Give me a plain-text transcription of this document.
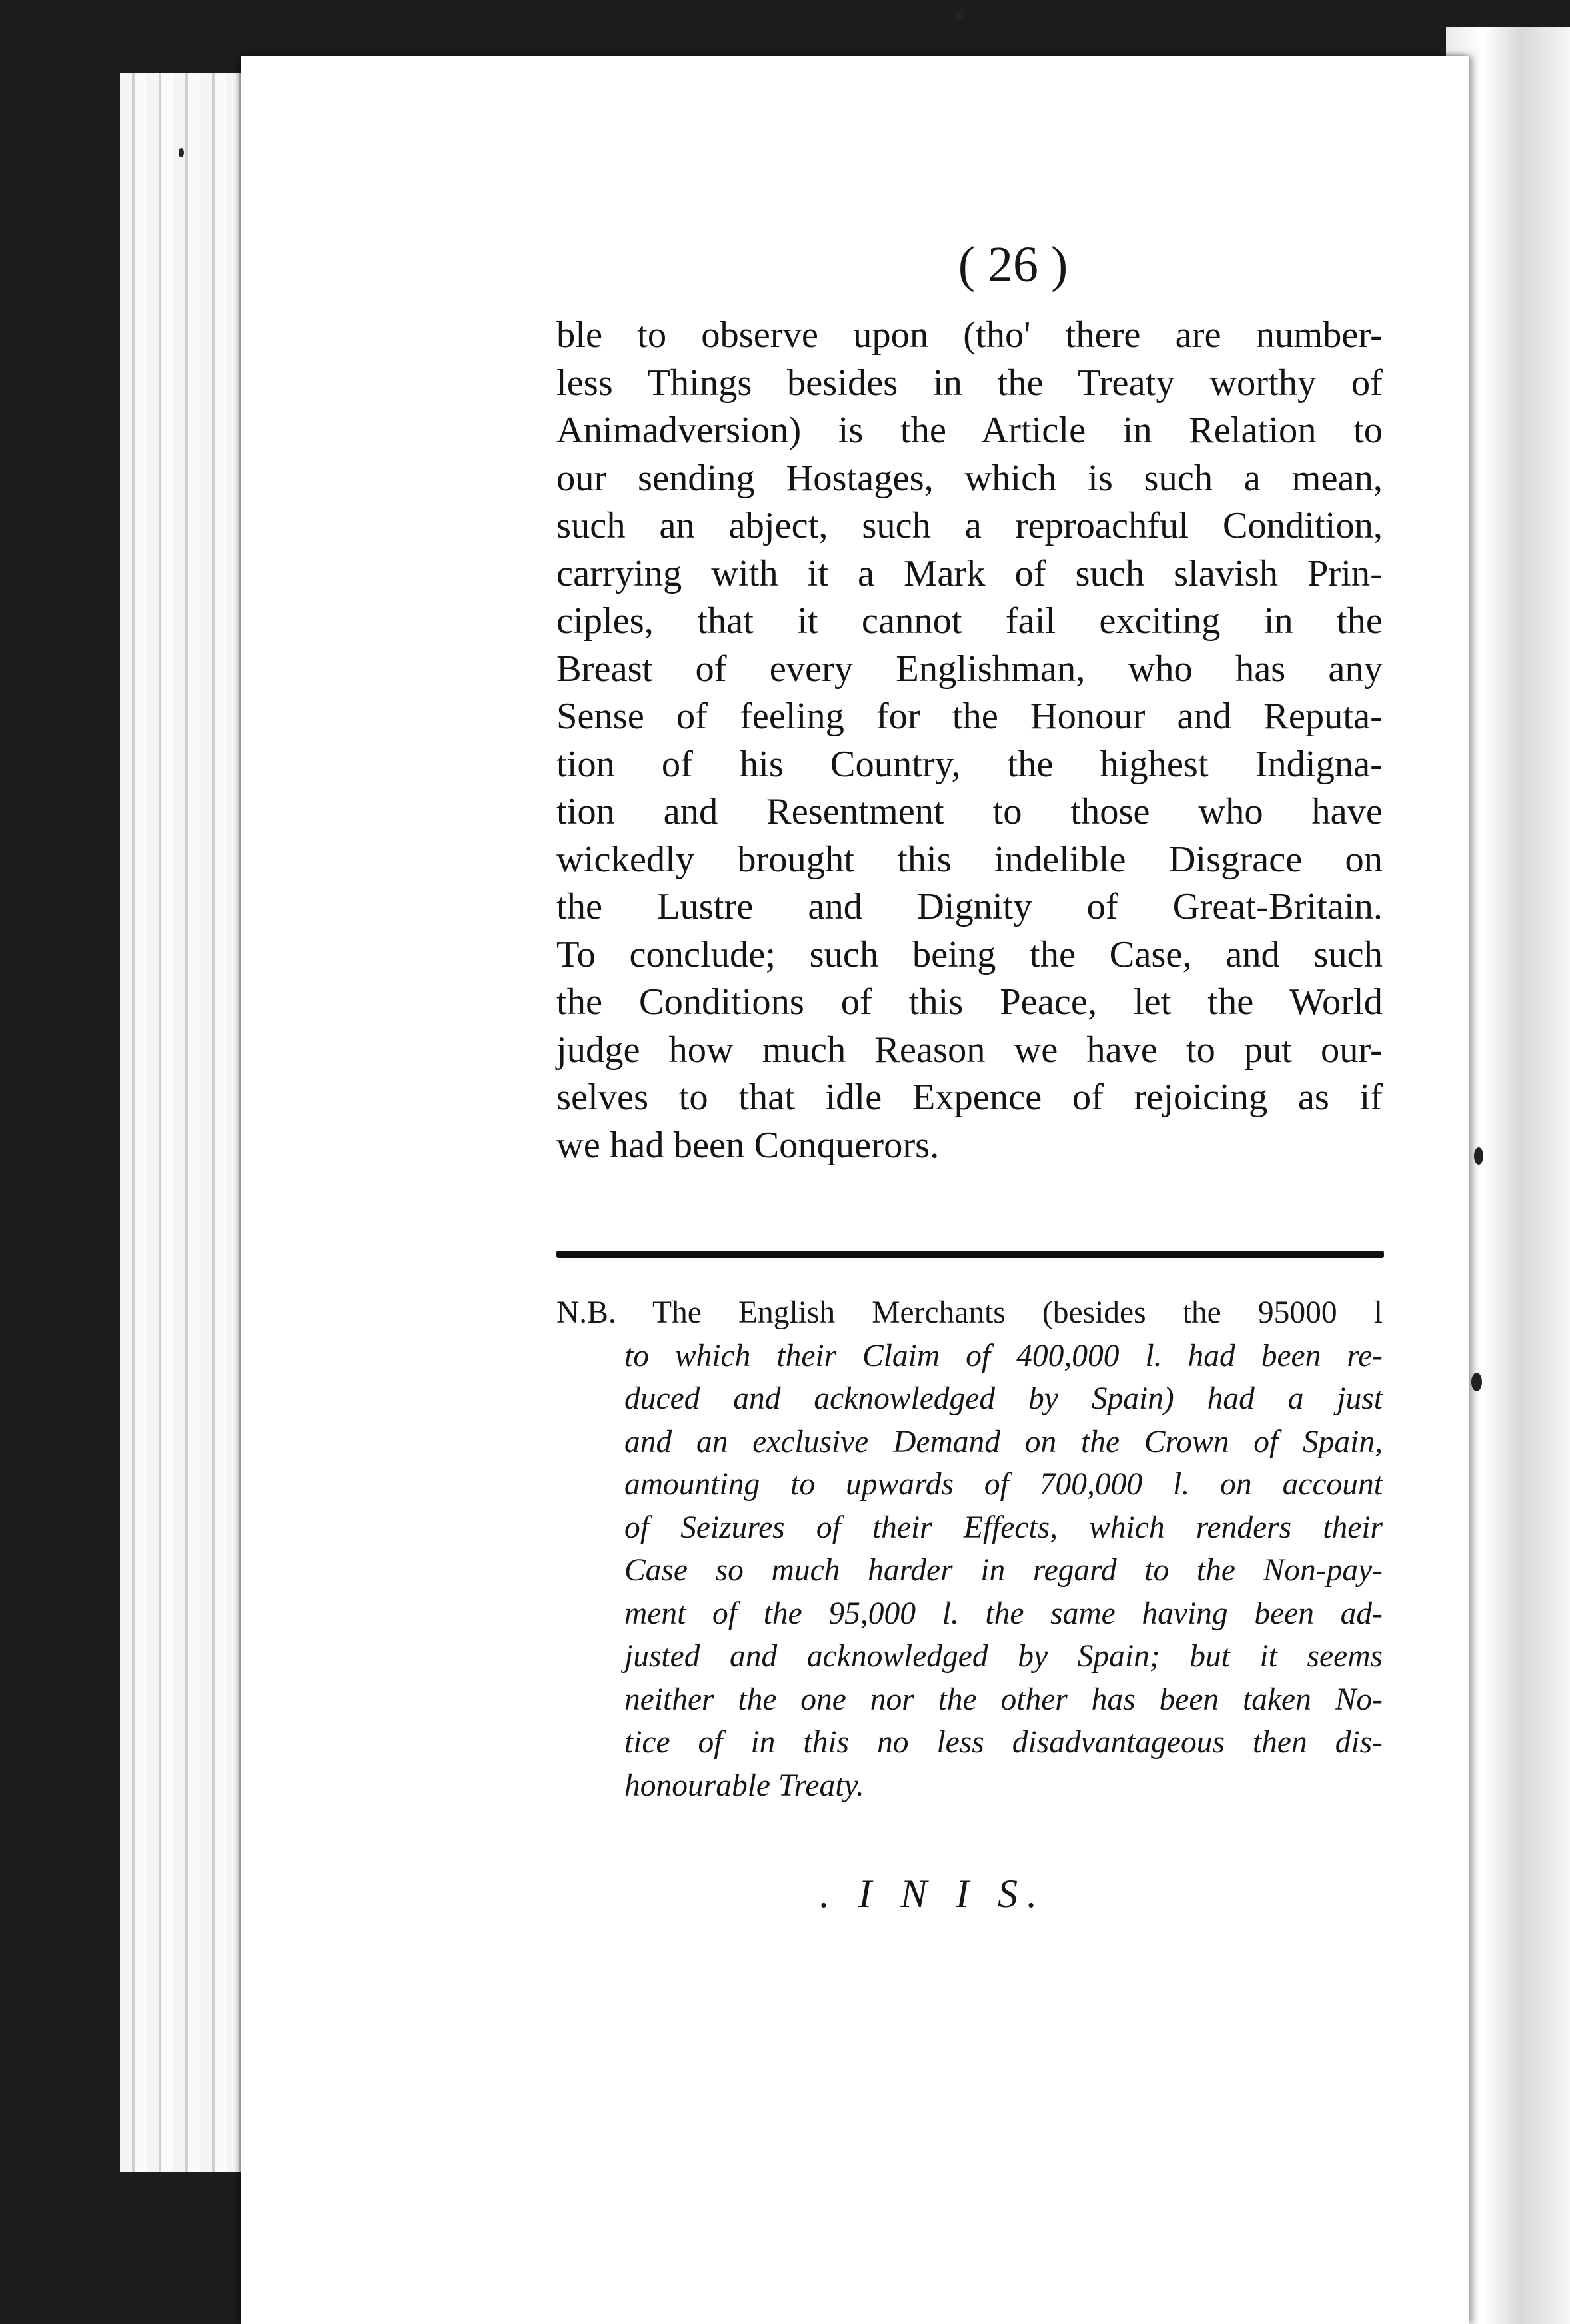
( 26 )
ble to observe upon (tho' there are number-
less Things besides in the Treaty worthy of
Animadversion) is the Article in Relation to
our sending Hostages, which is such a mean,
such an abject, such a reproachful Condition,
carrying with it a Mark of such slavish Prin-
ciples, that it cannot fail exciting in the
Breast of every Englishman, who has any
Sense of feeling for the Honour and Reputa-
tion of his Country, the highest Indigna-
tion and Resentment to those who have
wickedly brought this indelible Disgrace on
the Lustre and Dignity of Great-Britain.
To conclude; such being the Case, and such
the Conditions of this Peace, let the World
judge how much Reason we have to put our-
selves to that idle Expence of rejoicing as if
we had been Conquerors.
N.B. The English Merchants (besides the 95000 l
to which their Claim of 400,000 l. had been re-
duced and acknowledged by Spain) had a just
and an exclusive Demand on the Crown of Spain,
amounting to upwards of 700,000 l. on account
of Seizures of their Effects, which renders their
Case so much harder in regard to the Non-pay-
ment of the 95,000 l. the same having been ad-
justed and acknowledged by Spain; but it seems
neither the one nor the other has been taken No-
tice of in this no less disadvantageous then dis-
honourable Treaty.
. I N I S.
